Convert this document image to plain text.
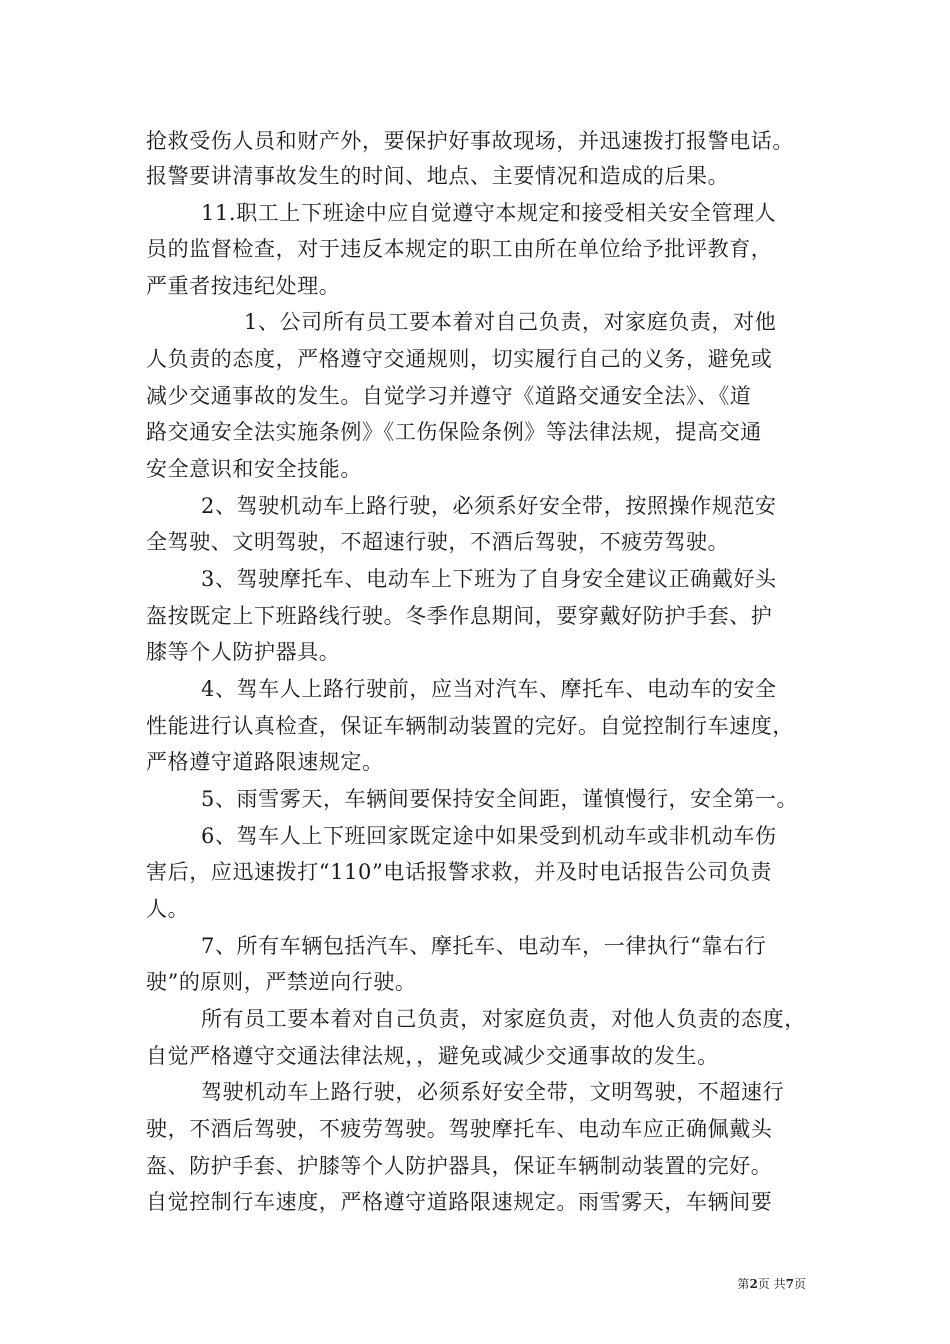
抢救受伤人员和财产外，要保护好事故现场，并迅速拨打报警电话。
报警要讲清事故发生的时间、地点、主要情况和造成的后果。
11.职工上下班途中应自觉遵守本规定和接受相关安全管理人
员的监督检查，对于违反本规定的职工由所在单位给予批评教育，
严重者按违纪处理。
1、公司所有员工要本着对自己负责，对家庭负责，对他
人负责的态度，严格遵守交通规则，切实履行自己的义务，避免或
减少交通事故的发生。自觉学习并遵守《道路交通安全法》、《道
路交通安全法实施条例》《工伤保险条例》等法律法规，提高交通
安全意识和安全技能。
2、驾驶机动车上路行驶，必须系好安全带，按照操作规范安
全驾驶、文明驾驶，不超速行驶，不酒后驾驶，不疲劳驾驶。
3、驾驶摩托车、电动车上下班为了自身安全建议正确戴好头
盔按既定上下班路线行驶。冬季作息期间，要穿戴好防护手套、护
膝等个人防护器具。
4、驾车人上路行驶前，应当对汽车、摩托车、电动车的安全
性能进行认真检查，保证车辆制动装置的完好。自觉控制行车速度，
严格遵守道路限速规定。
5、雨雪雾天，车辆间要保持安全间距，谨慎慢行，安全第一。
6、驾车人上下班回家既定途中如果受到机动车或非机动车伤
害后，应迅速拨打“110”电话报警求救，并及时电话报告公司负责
人。
7、所有车辆包括汽车、摩托车、电动车，一律执行“靠右行
驶”的原则，严禁逆向行驶。
所有员工要本着对自己负责，对家庭负责，对他人负责的态度，
自觉严格遵守交通法律法规，，避免或减少交通事故的发生。
驾驶机动车上路行驶，必须系好安全带，文明驾驶，不超速行
驶，不酒后驾驶，不疲劳驾驶。驾驶摩托车、电动车应正确佩戴头
盔、防护手套、护膝等个人防护器具，保证车辆制动装置的完好。
自觉控制行车速度，严格遵守道路限速规定。雨雪雾天，车辆间要
第2页 共7页
